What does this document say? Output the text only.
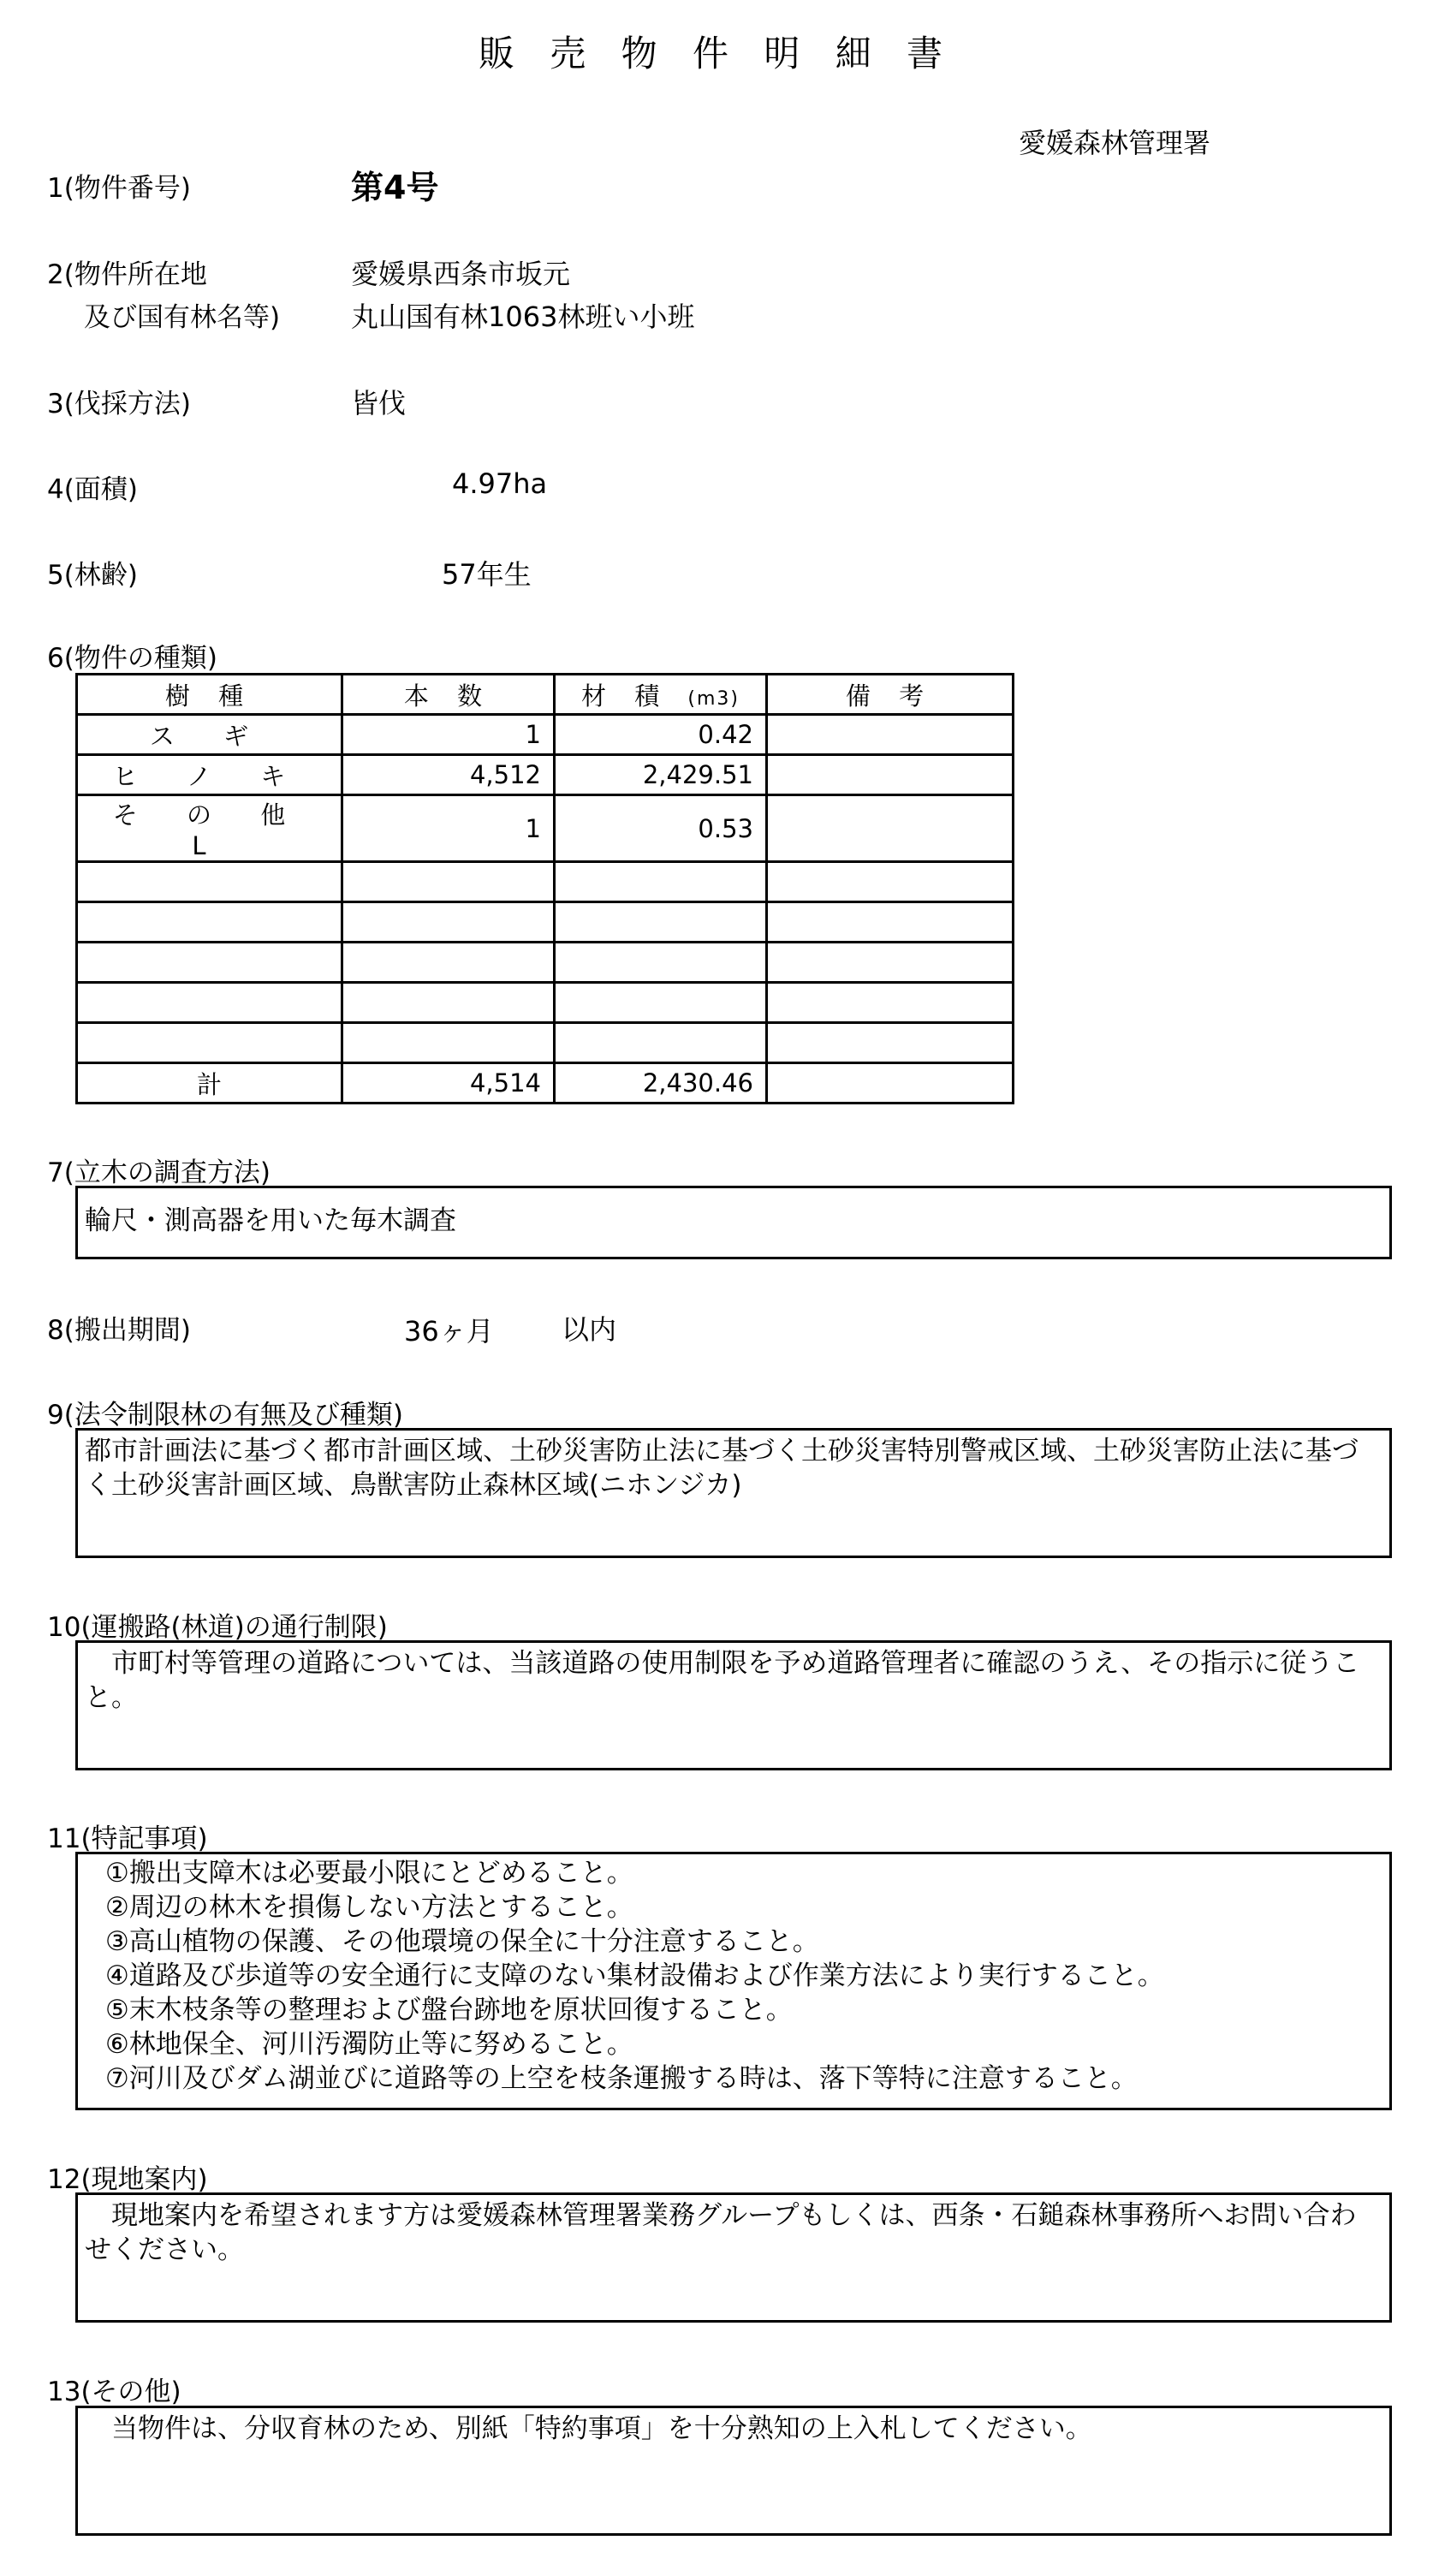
販 売 物 件 明 細 書
愛媛森林管理署
1(物件番号)	第4号
2(物件所在地
及び国有林名等)
愛媛県西条市坂元
丸山国有林1063林班い小班
3(伐採方法)	皆伐
4(面積)	4.97ha
5(林齢)	57年生
6(物件の種類)
樹 種	本 数	材 積 (m3)	備 考
ス ギ	1	0.42	
ヒ ノ キ	4,512	2,429.51	
そ の 他 L	1	0.53	

計	4,514	2,430.46	
7(立木の調査方法)

輪尺・測高器を用いた毎木調査

8(搬出期間)	36ヶ月 以内
9(法令制限林の有無及び種類)

都市計画法に基づく都市計画区域、土砂災害防止法に基づく土砂災害特別警戒区域、土砂災害防止法に基づく土砂災害計画区域、鳥獣害防止森林区域(ニホンジカ)

10(運搬路(林道)の通行制限)

市町村等管理の道路については、当該道路の使用制限を予め道路管理者に確認のうえ、その指示に従うこと。

11(特記事項)
①搬出支障木は必要最小限にとどめること。
②周辺の林木を損傷しない方法とすること。
③高山植物の保護、その他環境の保全に十分注意すること。
④道路及び歩道等の安全通行に支障のない集材設備および作業方法により実行すること。
⑤末木枝条等の整理および盤台跡地を原状回復すること。
⑥林地保全、河川汚濁防止等に努めること。
⑦河川及びダム湖並びに道路等の上空を枝条運搬する時は、落下等特に注意すること。
12(現地案内)

現地案内を希望されます方は愛媛森林管理署業務グループもしくは、西条・石鎚森林事務所へお問い合わせください。

13(その他)

当物件は、分収育林のため、別紙「特約事項」を十分熟知の上入札してください。
